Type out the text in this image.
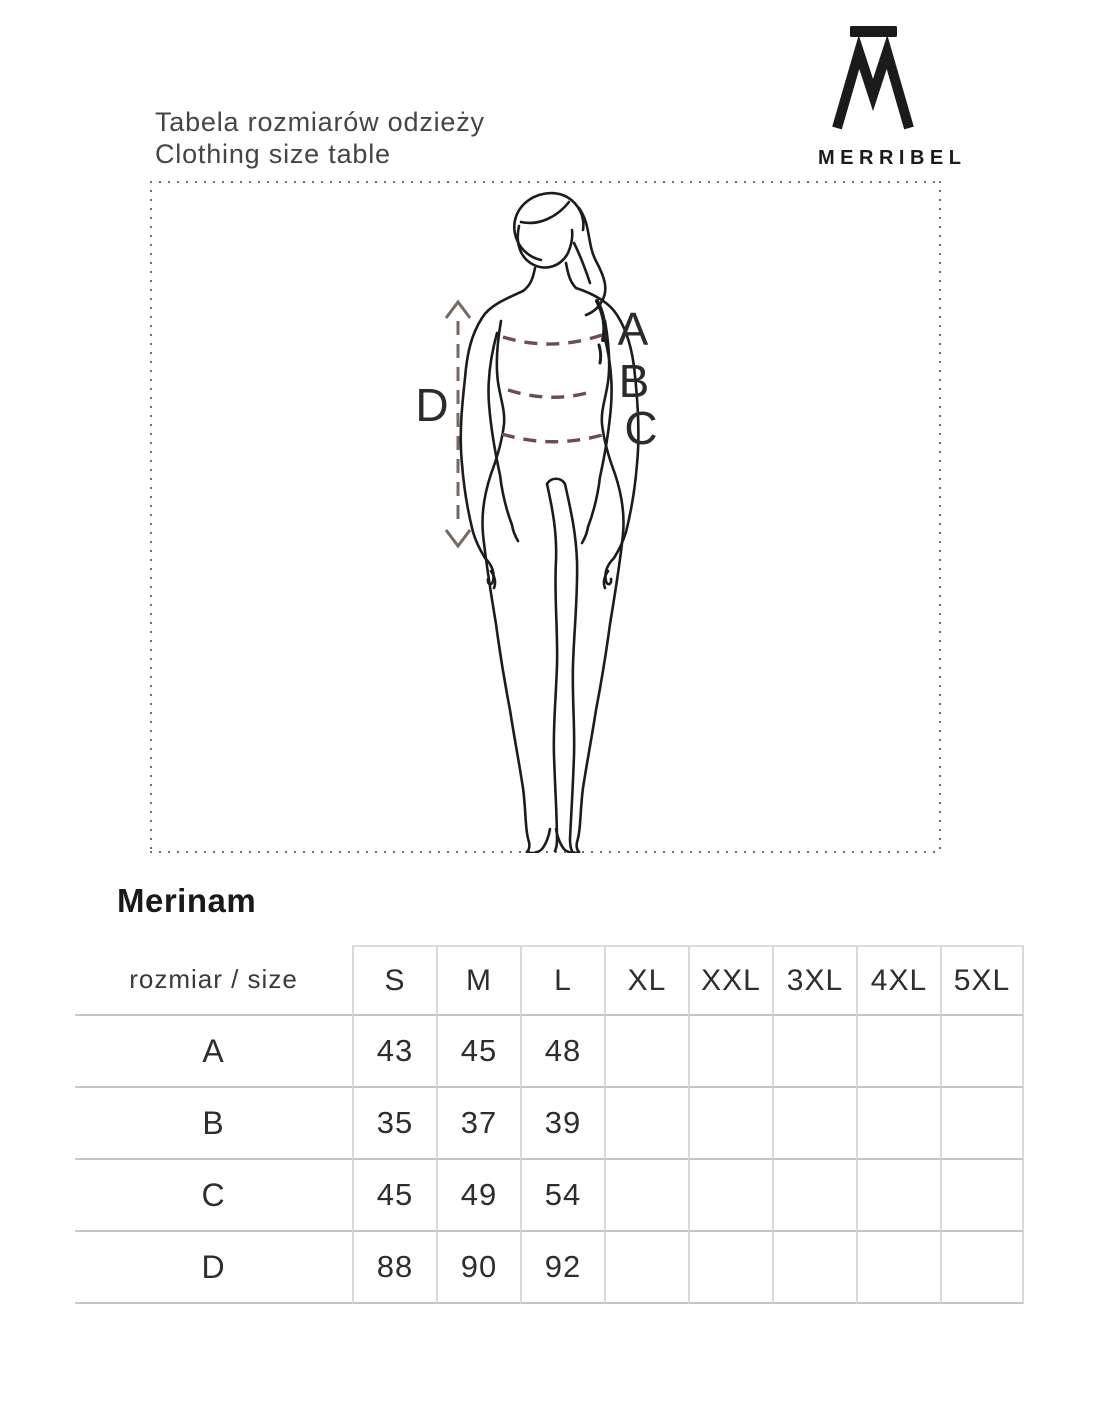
Tabela rozmiarów odzieży
Clothing size table	MERRIBEL
A
B
C
D
Merinam
rozmiar / size	S	M	L	XL	XXL 3XL 4XL 5XL
A	43	45	48
B	35	37	39
C	45	49	54
D	88	90	92
